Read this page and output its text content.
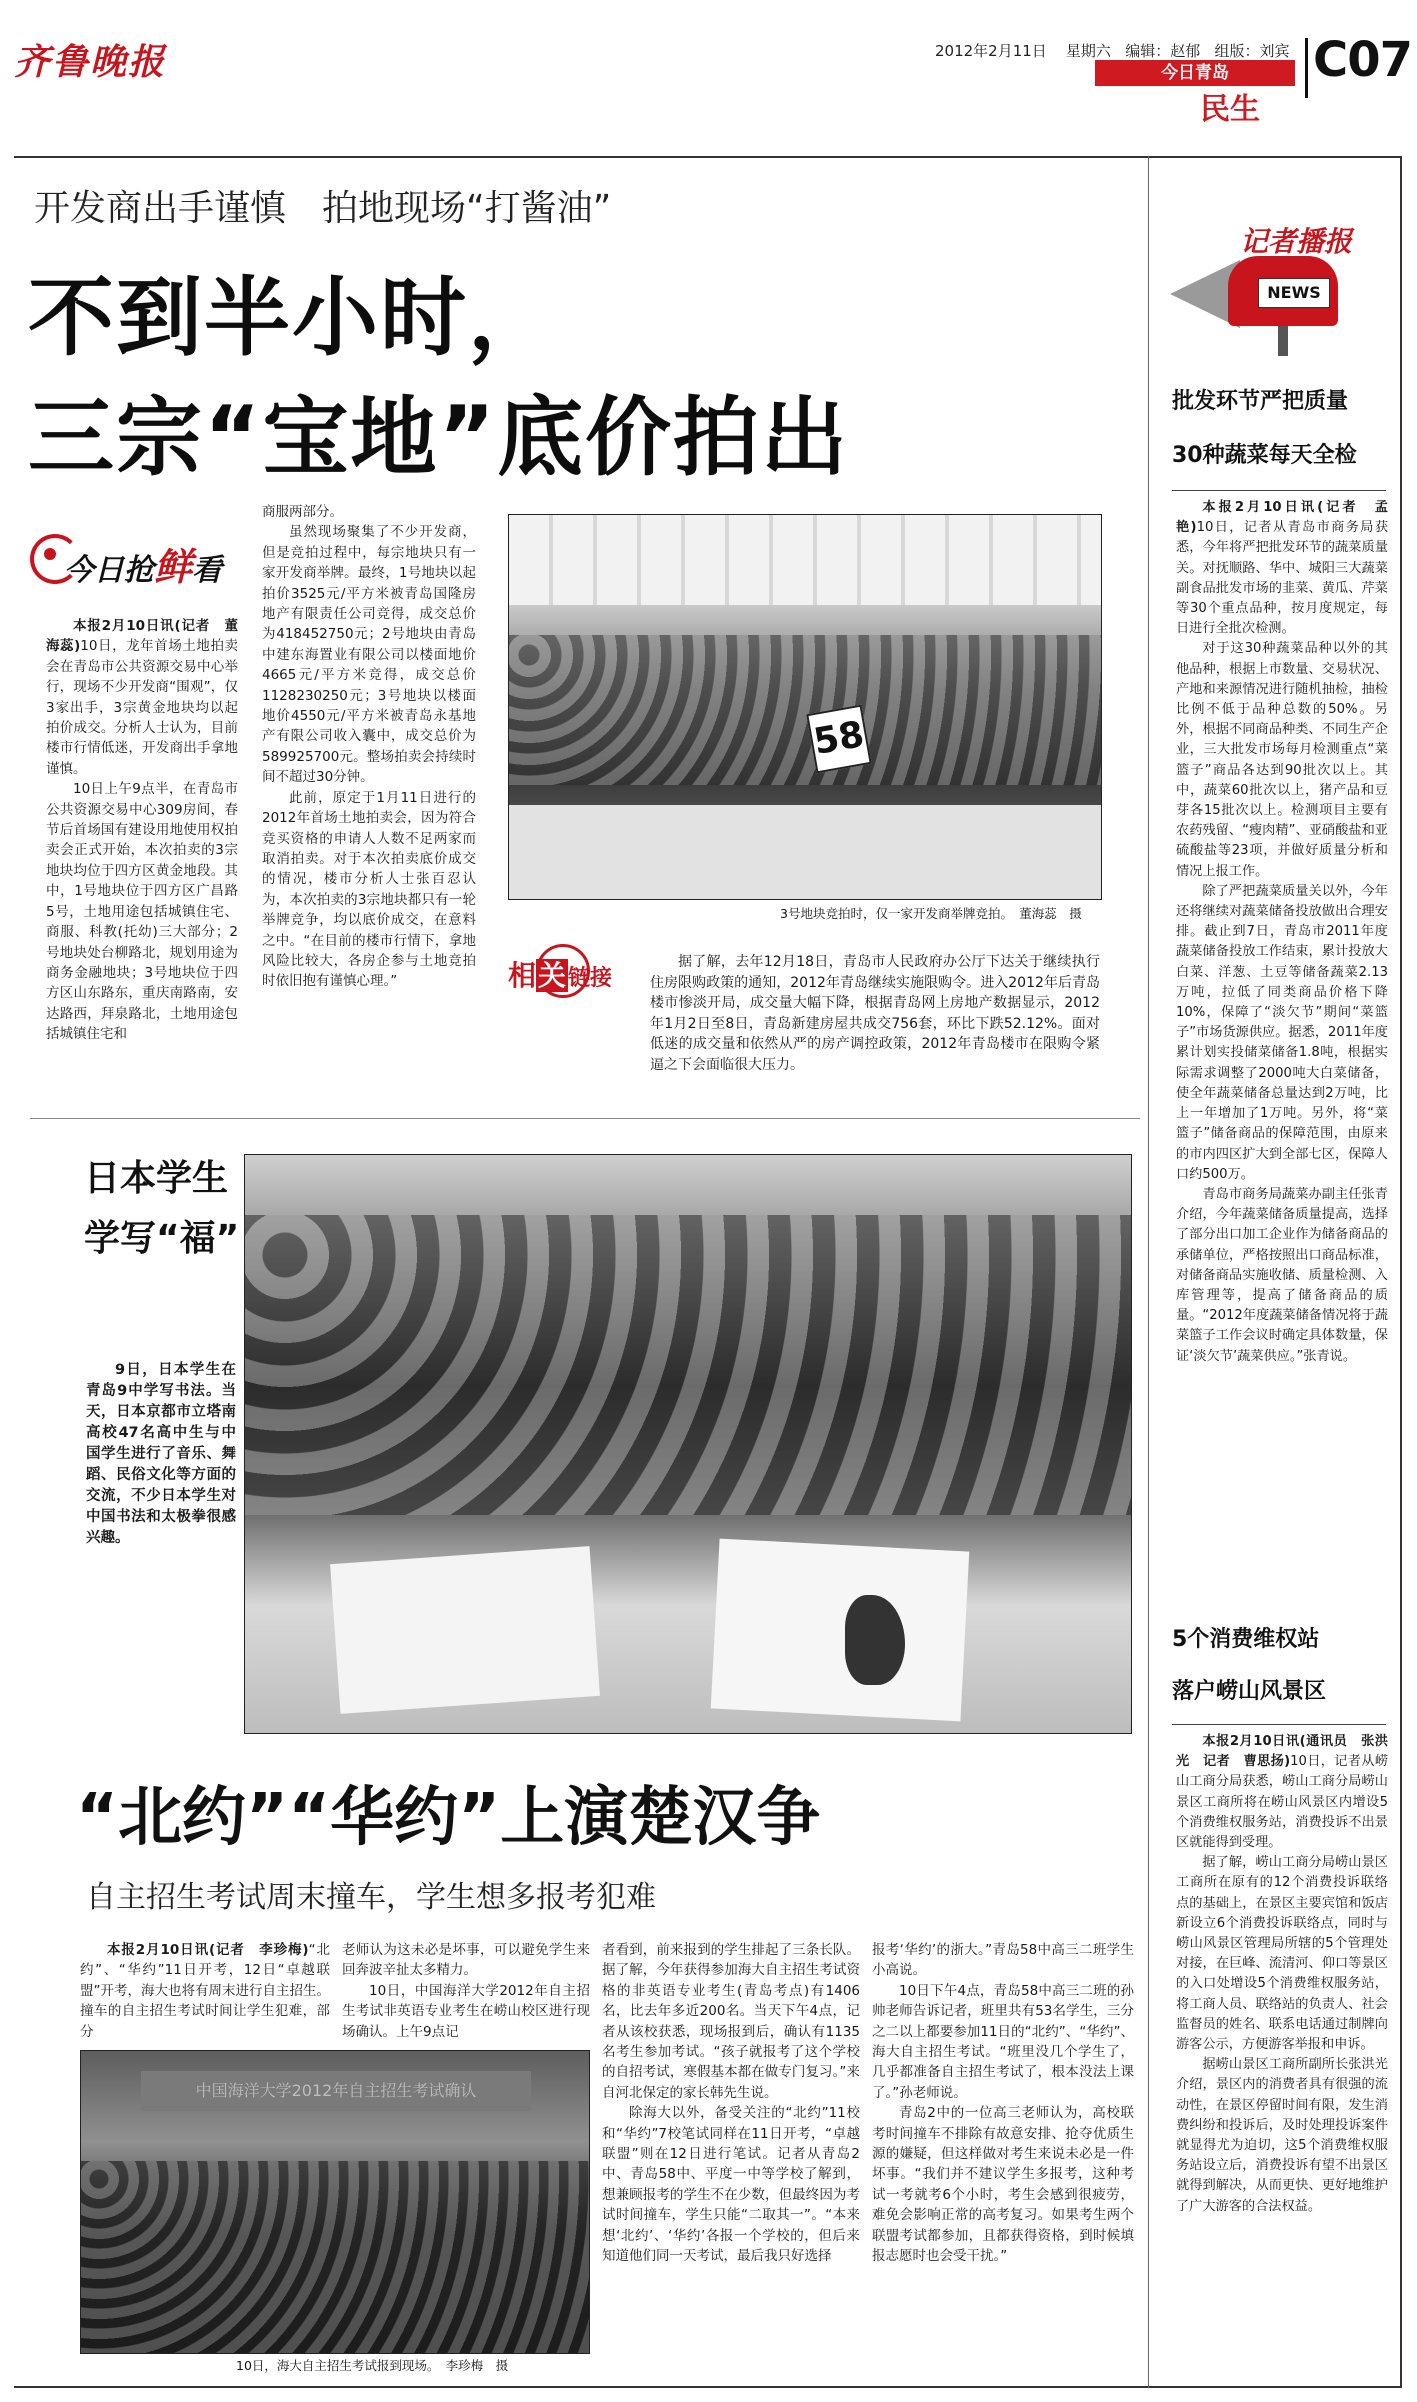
齐鲁晚报	2012年2月11日 星期六 编辑：赵郁 组版：刘宾
今日青岛
民生
C07
开发商出手谨慎　拍地现场“打酱油”
不到半小时，
三宗“宝地”底价拍出
今日抢鲜看

本报2月10日讯(记者　董海蕊)10日，龙年首场土地拍卖会在青岛市公共资源交易中心举行，现场不少开发商“围观”，仅3家出手，3宗黄金地块均以起拍价成交。分析人士认为，目前楼市行情低迷，开发商出手拿地谨慎。

10日上午9点半，在青岛市公共资源交易中心309房间，春节后首场国有建设用地使用权拍卖会正式开始，本次拍卖的3宗地块均位于四方区黄金地段。其中，1号地块位于四方区广昌路5号，土地用途包括城镇住宅、商服、科教(托幼)三大部分；2号地块处台柳路北，规划用途为商务金融地块；3号地块位于四方区山东路东，重庆南路南，安达路西，拜泉路北，土地用途包括城镇住宅和

商服两部分。

虽然现场聚集了不少开发商，但是竞拍过程中，每宗地块只有一家开发商举牌。最终，1号地块以起拍价3525元/平方米被青岛国隆房地产有限责任公司竞得，成交总价为418452750元；2号地块由青岛中建东海置业有限公司以楼面地价4665元/平方米竞得，成交总价1128230250元；3号地块以楼面地价4550元/平方米被青岛永基地产有限公司收入囊中，成交总价为589925700元。整场拍卖会持续时间不超过30分钟。

此前，原定于1月11日进行的2012年首场土地拍卖会，因为符合竞买资格的申请人人数不足两家而取消拍卖。对于本次拍卖底价成交的情况，楼市分析人士张百忍认为，本次拍卖的3宗地块都只有一轮举牌竞争，均以底价成交，在意料之中。“在目前的楼市行情下，拿地风险比较大，各房企参与土地竞拍时依旧抱有谨慎心理。”

58
3号地块竞拍时，仅一家开发商举牌竞拍。　董海蕊　摄
相关链接

据了解，去年12月18日，青岛市人民政府办公厅下达关于继续执行住房限购政策的通知，2012年青岛继续实施限购令。进入2012年后青岛楼市惨淡开局，成交量大幅下降，根据青岛网上房地产数据显示，2012年1月2日至8日，青岛新建房屋共成交756套，环比下跌52.12%。面对低迷的成交量和依然从严的房产调控政策，2012年青岛楼市在限购令紧逼之下会面临很大压力。

日本学生
学写“福”

9日，日本学生在青岛9中学写书法。当天，日本京都市立塔南高校47名高中生与中国学生进行了音乐、舞蹈、民俗文化等方面的交流，不少日本学生对中国书法和太极拳很感兴趣。

“北约”“华约”上演楚汉争
自主招生考试周末撞车，学生想多报考犯难

本报2月10日讯(记者　李珍梅)“北约”、“华约”11日开考，12日“卓越联盟”开考，海大也将有周末进行自主招生。撞车的自主招生考试时间让学生犯难，部分

老师认为这未必是坏事，可以避免学生来回奔波辛扯太多精力。

10日，中国海洋大学2012年自主招生考试非英语专业考生在崂山校区进行现场确认。上午9点记

者看到，前来报到的学生排起了三条长队。据了解，今年获得参加海大自主招生考试资格的非英语专业考生(青岛考点)有1406名，比去年多近200名。当天下午4点，记者从该校获悉，现场报到后，确认有1135名考生参加考试。“孩子就报考了这个学校的自招考试，寒假基本都在做专门复习。”来自河北保定的家长韩先生说。

除海大以外，备受关注的“北约”11校和“华约”7校笔试同样在11日开考，“卓越联盟”则在12日进行笔试。记者从青岛2中、青岛58中、平度一中等学校了解到，想兼顾报考的学生不在少数，但最终因为考试时间撞车，学生只能“二取其一”。“本来想‘北约’、‘华约’各报一个学校的，但后来知道他们同一天考试，最后我只好选择

报考‘华约’的浙大。”青岛58中高三二班学生小高说。

10日下午4点，青岛58中高三二班的孙帅老师告诉记者，班里共有53名学生，三分之二以上都要参加11日的“北约”、“华约”、海大自主招生考试。“班里没几个学生了，几乎都准备自主招生考试了，根本没法上课了。”孙老师说。

青岛2中的一位高三老师认为，高校联考时间撞车不排除有故意安排、抢夺优质生源的嫌疑，但这样做对考生来说未必是一件坏事。“我们并不建议学生多报考，这种考试一考就考6个小时，考生会感到很疲劳，难免会影响正常的高考复习。如果考生两个联盟考试都参加，且都获得资格，到时候填报志愿时也会受干扰。”

中国海洋大学2012年自主招生考试确认
10日，海大自主招生考试报到现场。　李珍梅　摄
NEWS
记者播报
批发环节严把质量
30种蔬菜每天全检

本报2月10日讯(记者　孟艳)10日，记者从青岛市商务局获悉，今年将严把批发环节的蔬菜质量关。对抚顺路、华中、城阳三大蔬菜副食品批发市场的韭菜、黄瓜、芹菜等30个重点品种，按月度规定，每日进行全批次检测。

对于这30种蔬菜品种以外的其他品种，根据上市数量、交易状况、产地和来源情况进行随机抽检，抽检比例不低于品种总数的50%。另外，根据不同商品种类、不同生产企业，三大批发市场每月检测重点“菜篮子”商品各达到90批次以上。其中，蔬菜60批次以上，猪产品和豆芽各15批次以上。检测项目主要有农药残留、“瘦肉精”、亚硝酸盐和亚硫酸盐等23项，并做好质量分析和情况上报工作。

除了严把蔬菜质量关以外，今年还将继续对蔬菜储备投放做出合理安排。截止到7日，青岛市2011年度蔬菜储备投放工作结束，累计投放大白菜、洋葱、土豆等储备蔬菜2.13万吨，拉低了同类商品价格下降10%，保障了“淡欠节”期间“菜篮子”市场货源供应。据悉，2011年度累计划实投储菜储备1.8吨，根据实际需求调整了2000吨大白菜储备，使全年蔬菜储备总量达到2万吨，比上一年增加了1万吨。另外，将“菜篮子”储备商品的保障范围，由原来的市内四区扩大到全部七区，保障人口约500万。

青岛市商务局蔬菜办副主任张青介绍，今年蔬菜储备质量提高，选择了部分出口加工企业作为储备商品的承储单位，严格按照出口商品标准，对储备商品实施收储、质量检测、入库管理等，提高了储备商品的质量。“2012年度蔬菜储备情况将于蔬菜篮子工作会议时确定具体数量，保证‘淡欠节’蔬菜供应。”张青说。

5个消费维权站
落户崂山风景区

本报2月10日讯(通讯员　张洪光　记者　曹思扬)10日，记者从崂山工商分局获悉，崂山工商分局崂山景区工商所将在崂山风景区内增设5个消费维权服务站，消费投诉不出景区就能得到受理。

据了解，崂山工商分局崂山景区工商所在原有的12个消费投诉联络点的基础上，在景区主要宾馆和饭店新设立6个消费投诉联络点，同时与崂山风景区管理局所辖的5个管理处对接，在巨峰、流清河、仰口等景区的入口处增设5个消费维权服务站，将工商人员、联络站的负责人、社会监督员的姓名、联系电话通过制牌向游客公示，方便游客举报和申诉。

据崂山景区工商所副所长张洪光介绍，景区内的消费者具有很强的流动性，在景区停留时间有限，发生消费纠纷和投诉后，及时处理投诉案件就显得尤为迫切，这5个消费维权服务站设立后，消费投诉有望不出景区就得到解决，从而更快、更好地维护了广大游客的合法权益。
